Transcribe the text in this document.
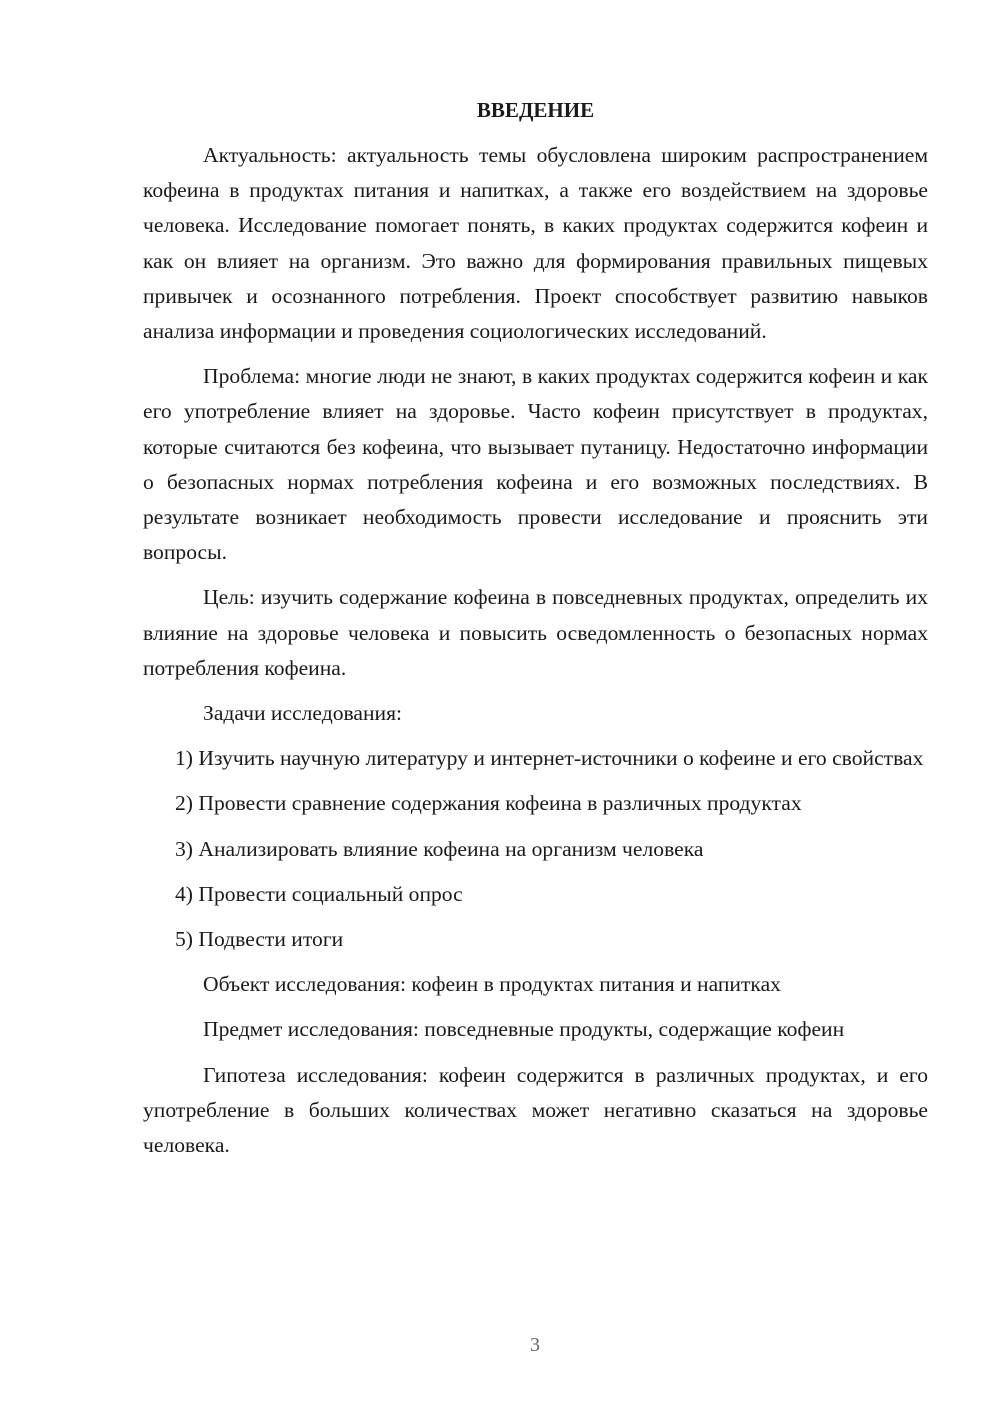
ВВЕДЕНИЕ

Актуальность: актуальность темы обусловлена широким распространением кофеина в продуктах питания и напитках, а также его воздействием на здоровье человека. Исследование помогает понять, в каких продуктах содержится кофеин и как он влияет на организм. Это важно для формирования правильных пищевых привычек и осознанного потребления. Проект способствует развитию навыков анализа информации и проведения социологических исследований.

Проблема: многие люди не знают, в каких продуктах содержится кофеин и как его употребление влияет на здоровье. Часто кофеин присутствует в продуктах, которые считаются без кофеина, что вызывает путаницу. Недостаточно информации о безопасных нормах потребления кофеина и его возможных последствиях. В результате возникает необходимость провести исследование и прояснить эти вопросы.

Цель: изучить содержание кофеина в повседневных продуктах, определить их влияние на здоровье человека и повысить осведомленность о безопасных нормах потребления кофеина.

Задачи исследования:

1) Изучить научную литературу и интернет-источники о кофеине и его свойствах

2) Провести сравнение содержания кофеина в различных продуктах

3) Анализировать влияние кофеина на организм человека

4) Провести социальный опрос

5) Подвести итоги

Объект исследования: кофеин в продуктах питания и напитках

Предмет исследования: повседневные продукты, содержащие кофеин

Гипотеза исследования: кофеин содержится в различных продуктах, и его употребление в больших количествах может негативно сказаться на здоровье человека.

3
